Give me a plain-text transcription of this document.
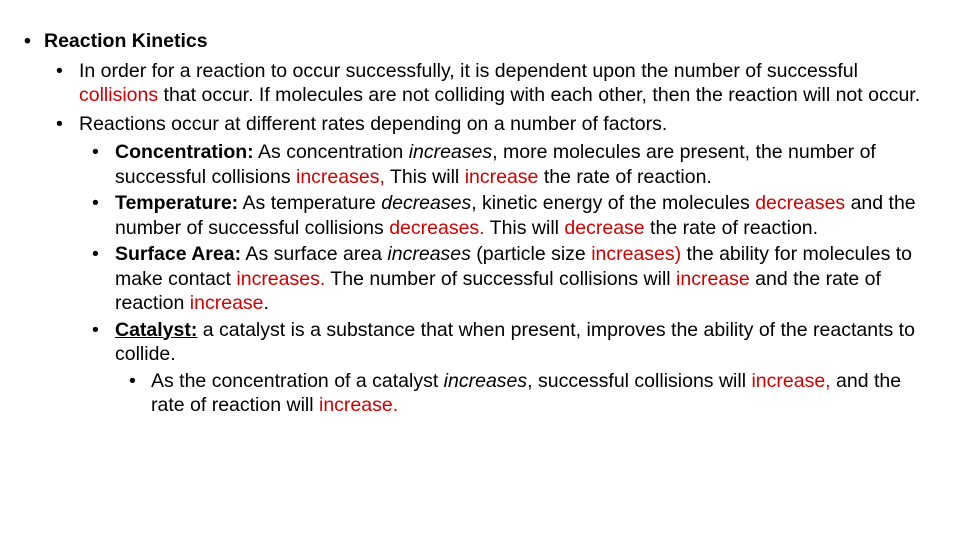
• Reaction Kinetics

• In order for a reaction to occur successfully, it is dependent upon the number of successful collisions that occur. If molecules are not colliding with each other, then the reaction will not occur.

• Reactions occur at different rates depending on a number of factors.

• Concentration: As concentration increases, more molecules are present, the number of successful collisions increases, This will increase the rate of reaction.

• Temperature: As temperature decreases, kinetic energy of the molecules decreases and the number of successful collisions decreases. This will decrease the rate of reaction.

• Surface Area: As surface area increases (particle size increases) the ability for molecules to make contact increases. The number of successful collisions will increase and the rate of reaction increase.

• Catalyst: a catalyst is a substance that when present, improves the ability of the reactants to collide.

• As the concentration of a catalyst increases, successful collisions will increase, and the rate of reaction will increase.
